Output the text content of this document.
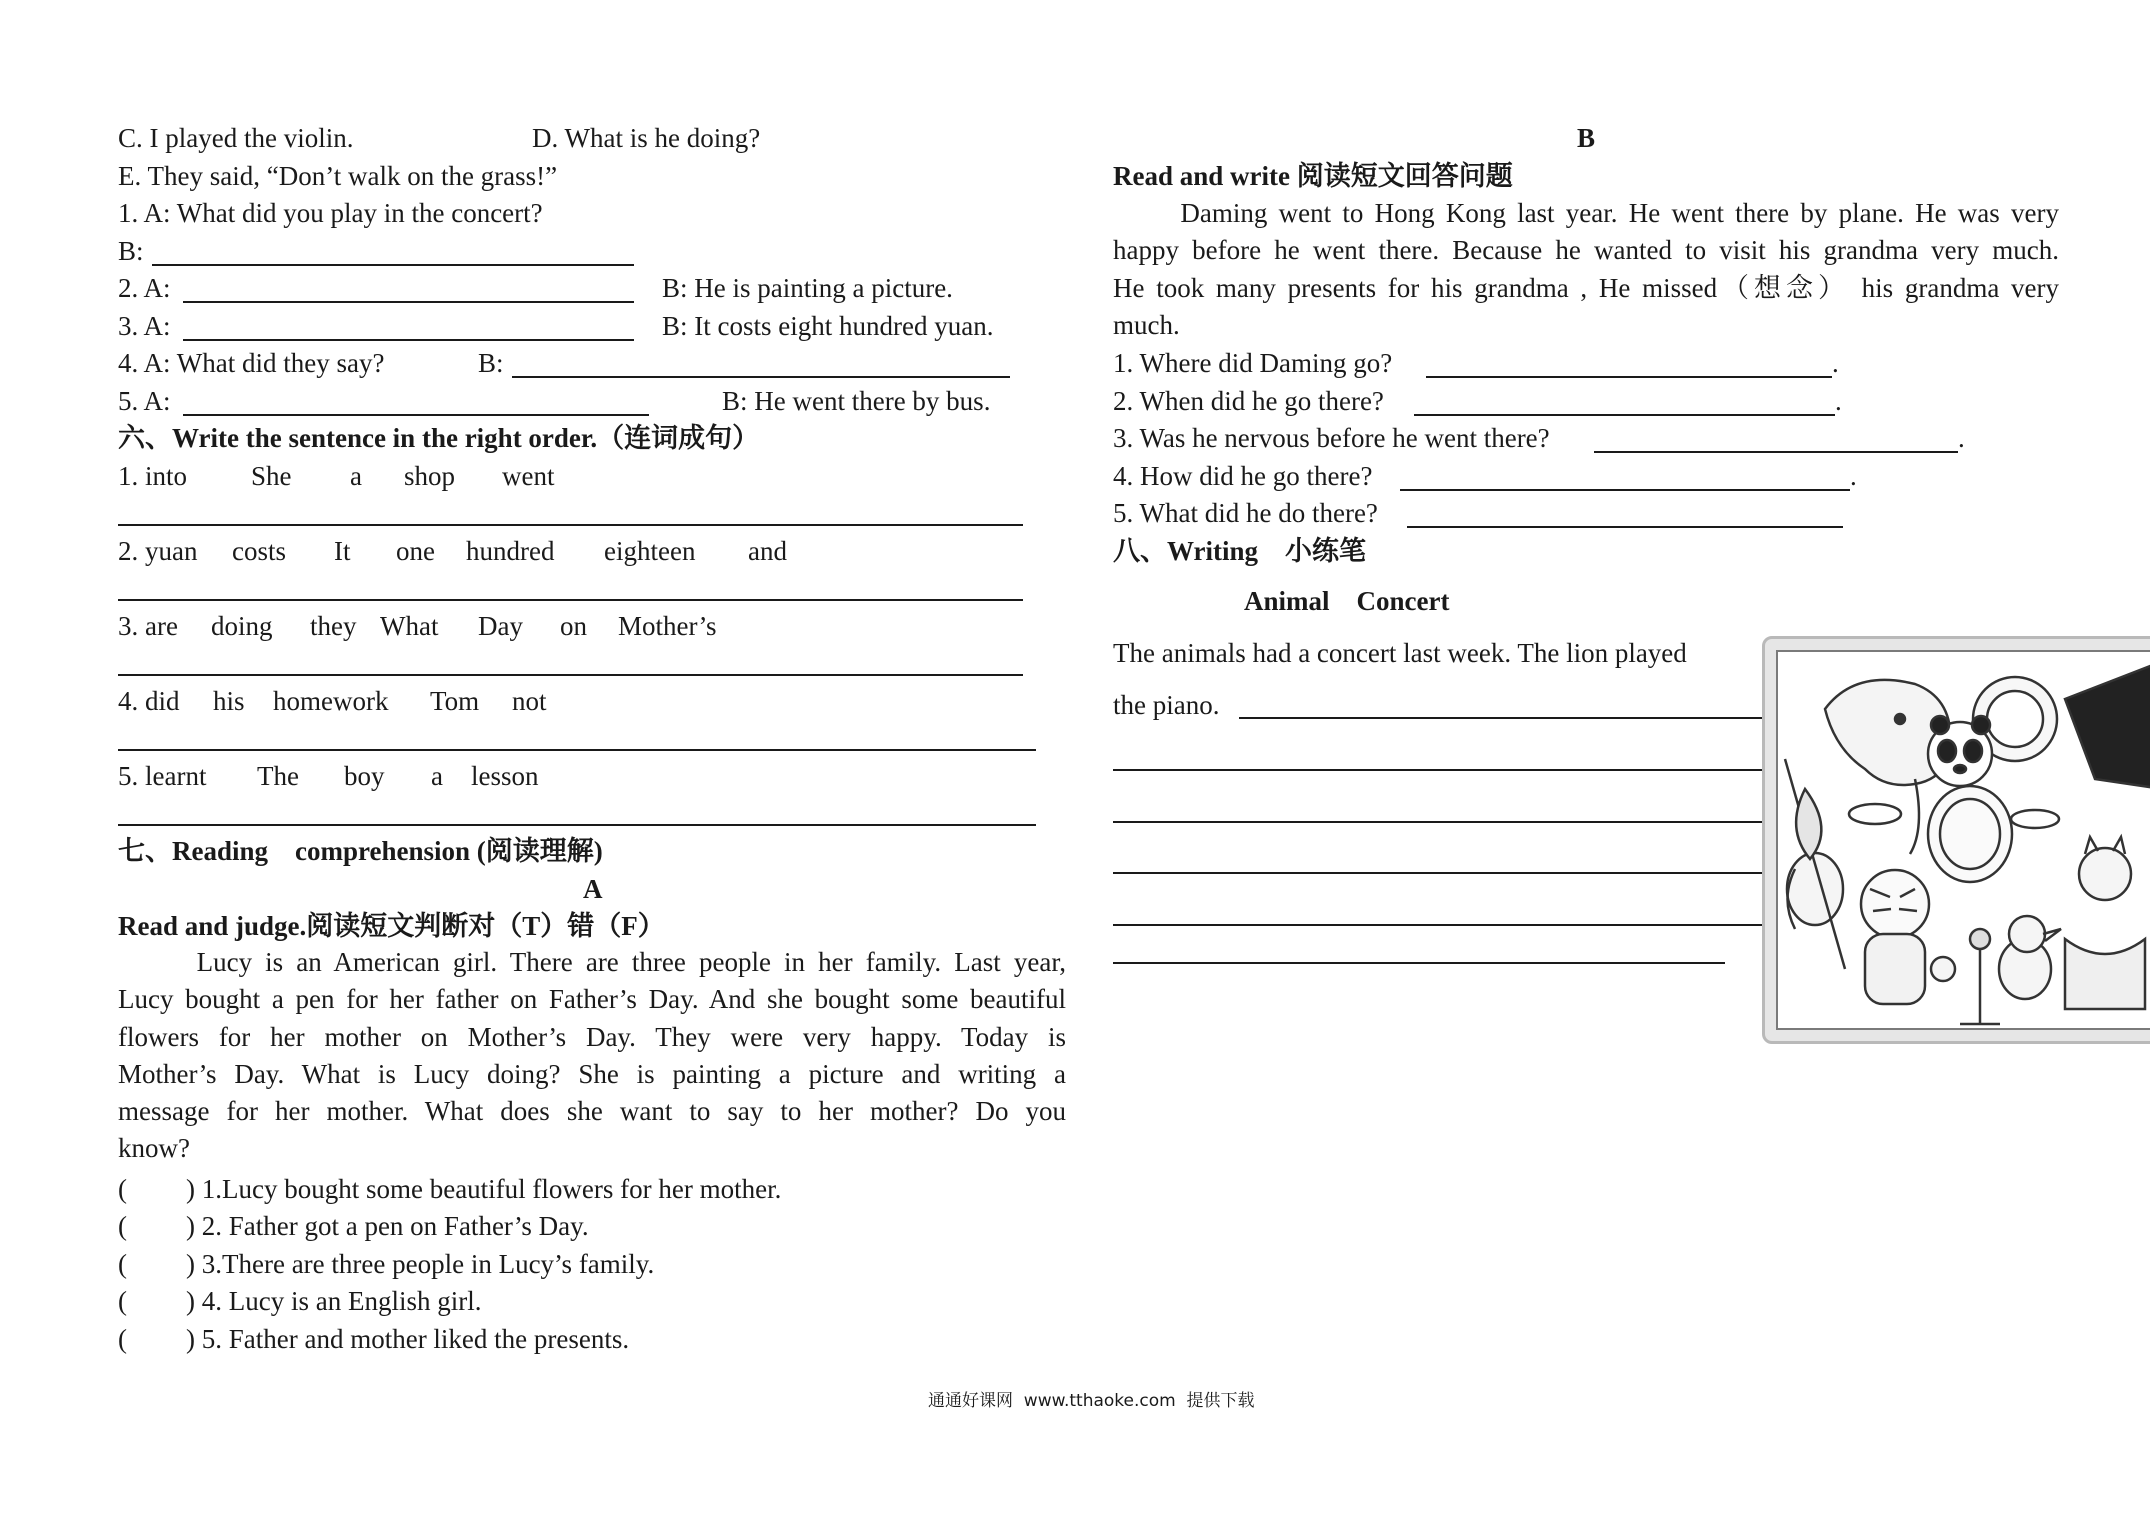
C. I played the violin.	D. What is he doing?
E. They said, “Don’t walk on the grass!”
1. A: What did you play in the concert?
B:
2. A:	B: He is painting a picture.
3. A:	B: It costs eight hundred yuan.
4. A: What did they say?	B:
5. A:	B: He went there by bus.
六、Write the sentence in the right order.（连词成句）
1. into She a shop went
2. yuan costs It one hundred eighteen and
3. are doing they What Day on Mother’s
4. did his homework Tom not
5. learnt The boy a lesson
七、Reading    comprehension (阅读理解)
A
Read and judge.阅读短文判断对（T）错（F）
Lucy is an American girl. There are three people in her family. Last year,
Lucy bought a pen for her father on Father’s Day. And she bought some beautiful
flowers for her mother on Mother’s Day. They were very happy. Today is
Mother’s Day. What is Lucy doing? She is painting a picture and writing a
message for her mother. What does she want to say to her mother? Do you
know?
( ) 1.Lucy bought some beautiful flowers for her mother.
( ) 2. Father got a pen on Father’s Day.
( ) 3.There are three people in Lucy’s family.
( ) 4. Lucy is an English girl.
( ) 5. Father and mother liked the presents.
B
Read and write 阅读短文回答问题
Daming went to Hong Kong last year. He went there by plane. He was very
happy before he went there. Because he wanted to visit his grandma very much.
He took many presents for his grandma , He missed（想念） his grandma very
much.
1. Where did Daming go?	.
2. When did he go there?	.
3. Was he nervous before he went there?	.
4. How did he go there?	.
5. What did he do there?
八、Writing    小练笔
Animal    Concert
The animals had a concert last week. The lion played
the piano.
通通好课网  www.tthaoke.com  提供下载
